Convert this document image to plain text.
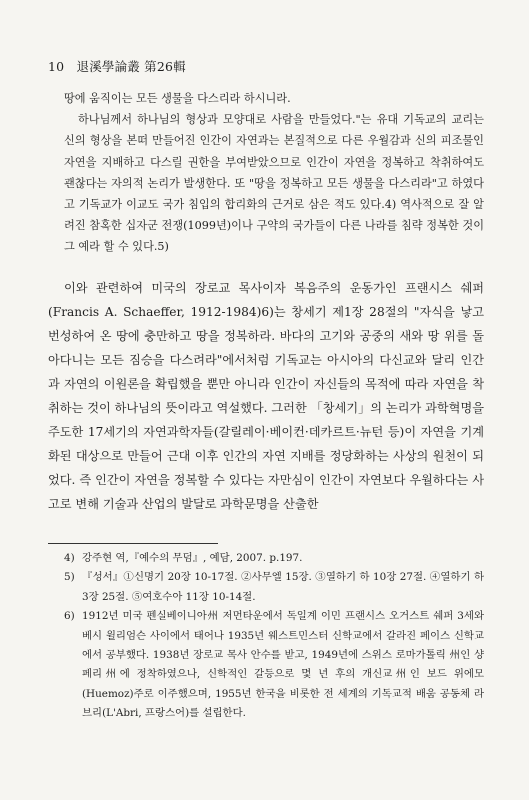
10 退溪學論叢 第26輯

땅에 움직이는 모든 생물을 다스리라 하시니라.

하나님께서 하나님의 형상과 모양대로 사람을 만들었다."는 유대 기독교의 교리는 신의 형상을 본떠 만들어진 인간이 자연과는 본질적으로 다른 우월감과 신의 피조물인 자연을 지배하고 다스릴 권한을 부여받았으므로 인간이 자연을 정복하고 착취하여도 괜찮다는 자의적 논리가 발생한다. 또 "땅을 정복하고 모든 생물을 다스리라"고 하였다고 기독교가 이교도 국가 침입의 합리화의 근거로 삼은 적도 있다.4) 역사적으로 잘 알려진 참혹한 십자군 전쟁(1099년)이나 구약의 국가들이 다른 나라를 침략 정복한 것이 그 예라 할 수 있다.5)

이와 관련하여 미국의 장로교 목사이자 복음주의 운동가인 프랜시스 쉐퍼(Francis A. Schaeffer, 1912-1984)6)는 창세기 제1장 28절의 "자식을 낳고 번성하여 온 땅에 충만하고 땅을 정복하라. 바다의 고기와 공중의 새와 땅 위를 돌아다니는 모든 짐승을 다스려라"에서처럼 기독교는 아시아의 다신교와 달리 인간과 자연의 이원론을 확립했을 뿐만 아니라 인간이 자신들의 목적에 따라 자연을 착취하는 것이 하나님의 뜻이라고 역설했다. 그러한 「창세기」의 논리가 과학혁명을 주도한 17세기의 자연과학자들(갈릴레이·베이컨·데카르트·뉴턴 등)이 자연을 기계화된 대상으로 만들어 근대 이후 인간의 자연 지배를 정당화하는 사상의 원천이 되었다. 즉 인간이 자연을 정복할 수 있다는 자만심이 인간이 자연보다 우월하다는 사고로 변해 기술과 산업의 발달로 과학문명을 산출한
4) 강주현 역,『예수의 무덤』, 예담, 2007. p.197.
5) 『성서』①신명기 20장 10-17절. ②사무엘 15장. ③열하기 하 10장 27절. ④열하기 하 3장 25절. ⑤여호수아 11장 10-14절.
6) 1912년 미국 펜실베이니아州 저먼타운에서 독일계 이민 프랜시스 오거스트 쉐퍼 3세와 베시 윌리엄슨 사이에서 태어나 1935년 웨스트민스터 신학교에서 갈라진 페이스 신학교에서 공부했다. 1938년 장로교 목사 안수를 받고, 1949년에 스위스 로마가톨릭 州인 샹페리州에 정착하였으나, 신학적인 갈등으로 몇 년 후의 개신교州인 보드 위에모(Huemoz)주로 이주했으며, 1955년 한국을 비롯한 전 세계의 기독교적 배움 공동체 라브리(L'Abri, 프랑스어)를 설립한다.
